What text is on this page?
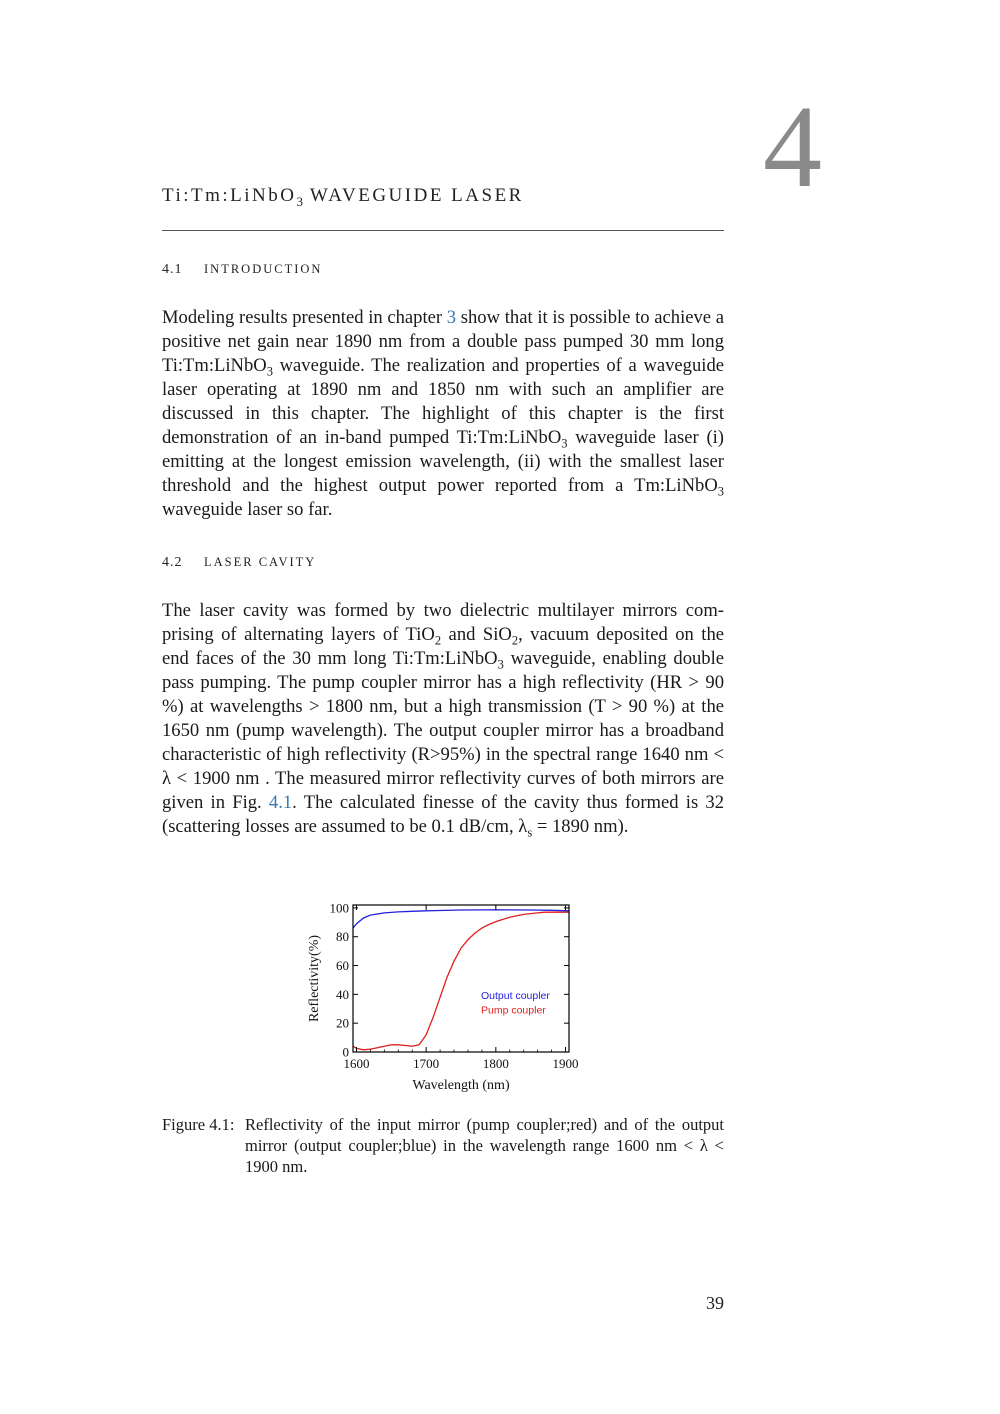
4
Ti:Tm:LiNbO$_3$ WAVEGUIDE LASER
4.1 INTRODUCTION

Modeling results presented in chapter 3 show that it is possible to achieve a positive net gain near 1890 nm from a double pass pumped 30 mm long Ti:Tm:LiNbO$_3$ waveguide. The realization and properties of a waveguide laser operating at 1890 nm and 1850 nm with such an amplifier are discussed in this chapter. The highlight of this chapter is the first demonstration of an in-band pumped Ti:Tm:LiNbO$_3$ waveguide laser (i) emitting at the longest emission wavelength, (ii) with the smallest laser threshold and the highest output power reported from a Tm:LiNbO$_3$ waveguide laser so far.

4.2 LASER CAVITY

The laser cavity was formed by two dielectric multilayer mirrors comprising of alternating layers of TiO$_2$ and SiO$_2$, vacuum deposited on the end faces of the 30 mm long Ti:Tm:LiNbO$_3$ waveguide, enabling double pass pumping. The pump coupler mirror has a high reflectivity (HR > 90 %) at wavelengths > 1800 nm, but a high transmission (T > 90 %) at the 1650 nm (pump wavelength). The output coupler mirror has a broadband characteristic of high reflectivity (R>95%) in the spectral range 1640 nm < λ < 1900 nm . The measured mirror reflectivity curves of both mirrors are given in Fig. 4.1. The calculated finesse of the cavity thus formed is 32 (scattering losses are assumed to be 0.1 dB/cm, $\lambda_s = 1890$ nm).

1600	1700	1800	1900
0
20
40
60
80
100
Wavelength (nm)
Reflectivity(%)	Output coupler
Pump coupler
Figure 4.1: Reflectivity of the input mirror (pump coupler;red) and of the output mirror (output coupler;blue) in the wavelength range 1600 nm < λ < 1900 nm.
39
